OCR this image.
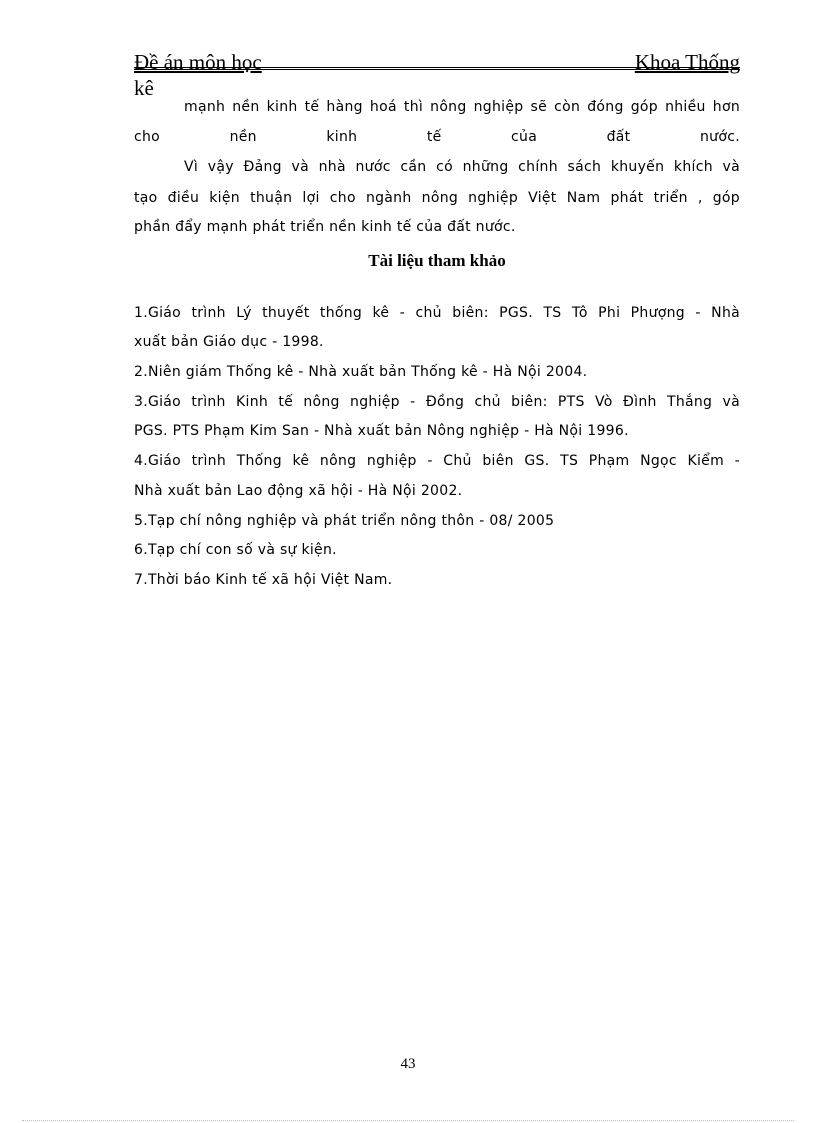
Đề án môn học	Khoa Thống
kê
mạnh nền kinh tế hàng hoá thì nông nghiệp sẽ còn đóng góp nhiều hơn
cho	nền	kinh	tế	của	đất	nước.
Vì vậy Đảng và nhà nước cần có những chính sách khuyến khích và
tạo điều kiện thuận lợi cho ngành nông nghiệp Việt Nam phát triển , góp
phần đẩy mạnh phát triển nền kinh tế của đất nước.
Tài liệu tham khảo
1.Giáo trình Lý thuyết thống kê - chủ biên: PGS. TS Tô Phi Phượng - Nhà
xuất bản Giáo dục - 1998.
2.Niên giám Thống kê - Nhà xuất bản Thống kê - Hà Nội 2004.
3.Giáo trình Kinh tế nông nghiệp - Đồng chủ biên: PTS Vò Đình Thắng và
PGS. PTS Phạm Kim San - Nhà xuất bản Nông nghiệp - Hà Nội 1996.
4.Giáo trình Thống kê nông nghiệp - Chủ biên GS. TS Phạm Ngọc Kiểm -
Nhà xuất bản Lao động xã hội - Hà Nội 2002.
5.Tạp chí nông nghiệp và phát triển nông thôn - 08/ 2005
6.Tạp chí con số và sự kiện.
7.Thời báo Kinh tế xã hội Việt Nam.
43
